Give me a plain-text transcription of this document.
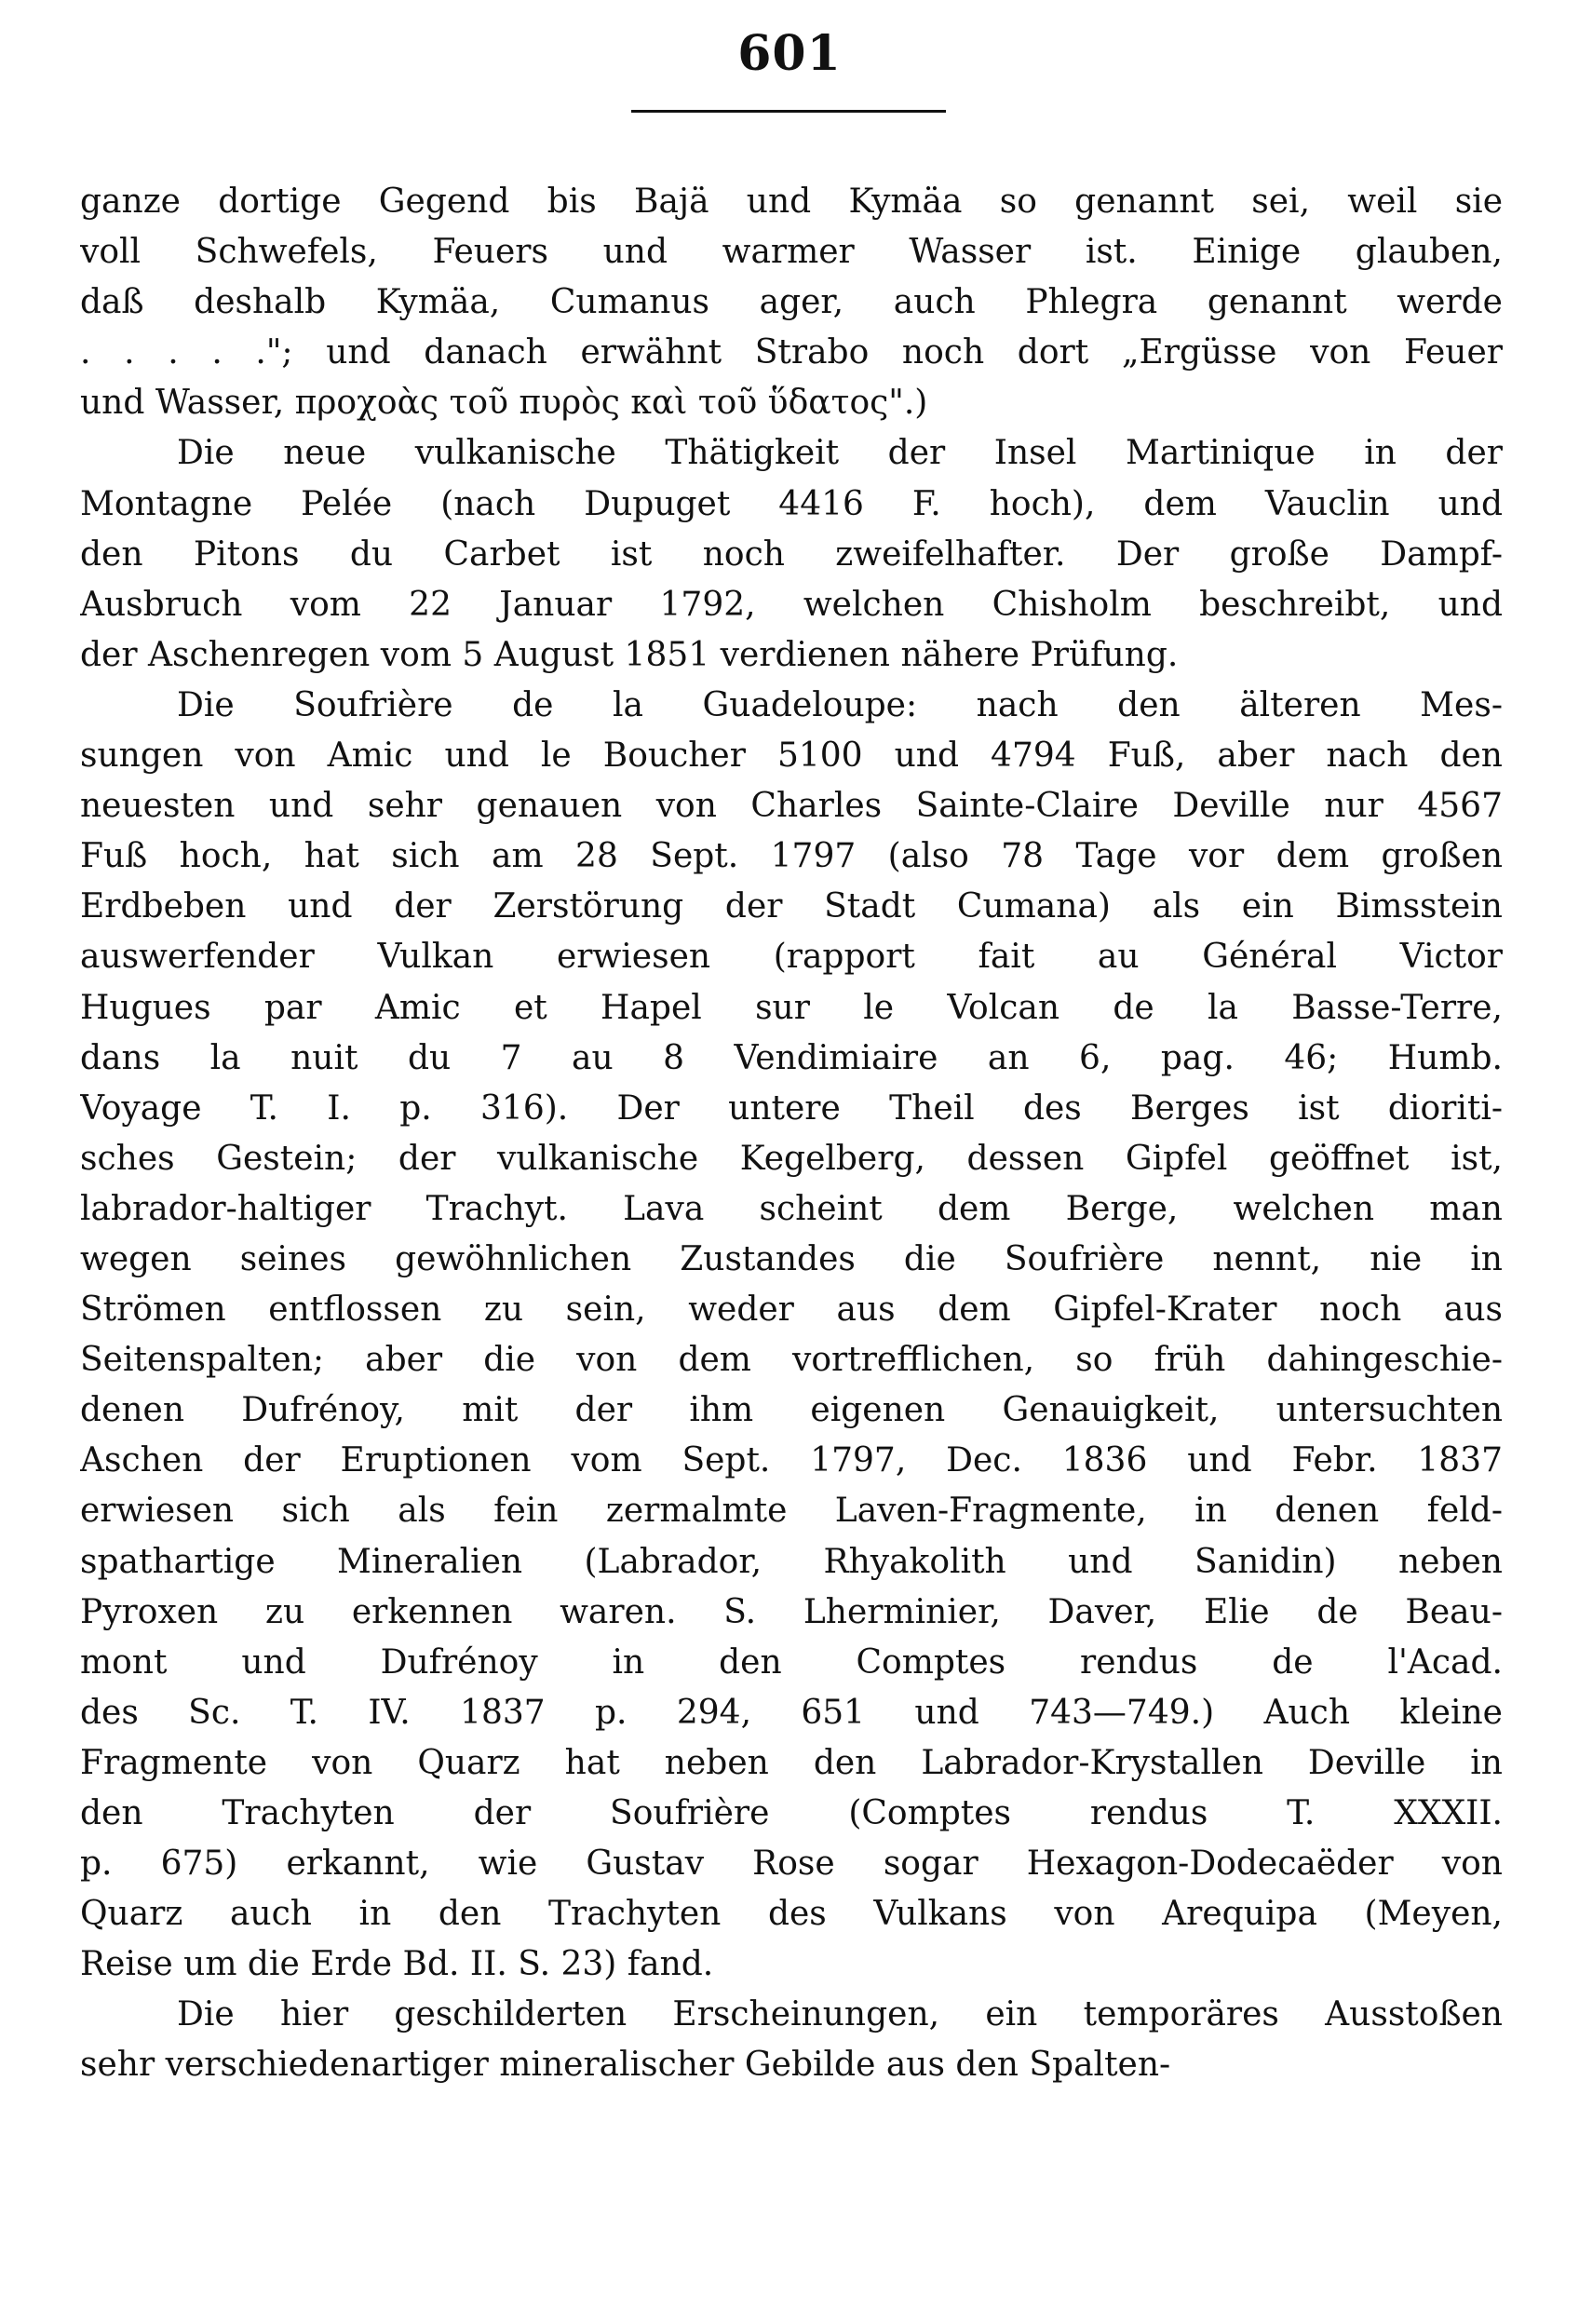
601
ganze dortige Gegend bis Bajä und Kymäa so genannt sei, weil sie
voll Schwefels, Feuers und warmer Wasser ist. Einige glauben,
daß deshalb Kymäa, Cumanus ager, auch Phlegra genannt werde
. . . . ."; und danach erwähnt Strabo noch dort „Ergüsse von Feuer
und Wasser, προχοὰς τοῦ πυρὸς καὶ τοῦ ὕδατος".)
Die neue vulkanische Thätigkeit der Insel Martinique in der
Montagne Pelée (nach Dupuget 4416 F. hoch), dem Vauclin und
den Pitons du Carbet ist noch zweifelhafter. Der große Dampf-
Ausbruch vom 22 Januar 1792, welchen Chisholm beschreibt, und
der Aschenregen vom 5 August 1851 verdienen nähere Prüfung.
Die Soufrière de la Guadeloupe: nach den älteren Mes-
sungen von Amic und le Boucher 5100 und 4794 Fuß, aber nach den
neuesten und sehr genauen von Charles Sainte-Claire Deville nur 4567
Fuß hoch, hat sich am 28 Sept. 1797 (also 78 Tage vor dem großen
Erdbeben und der Zerstörung der Stadt Cumana) als ein Bimsstein
auswerfender Vulkan erwiesen (rapport fait au Général Victor
Hugues par Amic et Hapel sur le Volcan de la Basse-Terre,
dans la nuit du 7 au 8 Vendimiaire an 6, pag. 46; Humb.
Voyage T. I. p. 316). Der untere Theil des Berges ist dioriti-
sches Gestein; der vulkanische Kegelberg, dessen Gipfel geöffnet ist,
labrador-haltiger Trachyt. Lava scheint dem Berge, welchen man
wegen seines gewöhnlichen Zustandes die Soufrière nennt, nie in
Strömen entflossen zu sein, weder aus dem Gipfel-Krater noch aus
Seitenspalten; aber die von dem vortrefflichen, so früh dahingeschie-
denen Dufrénoy, mit der ihm eigenen Genauigkeit, untersuchten
Aschen der Eruptionen vom Sept. 1797, Dec. 1836 und Febr. 1837
erwiesen sich als fein zermalmte Laven-Fragmente, in denen feld-
spathartige Mineralien (Labrador, Rhyakolith und Sanidin) neben
Pyroxen zu erkennen waren. S. Lherminier, Daver, Elie de Beau-
mont und Dufrénoy in den Comptes rendus de l'Acad.
des Sc. T. IV. 1837 p. 294, 651 und 743—749.) Auch kleine
Fragmente von Quarz hat neben den Labrador-Krystallen Deville in
den Trachyten der Soufrière (Comptes rendus T. XXXII.
p. 675) erkannt, wie Gustav Rose sogar Hexagon-Dodecaëder von
Quarz auch in den Trachyten des Vulkans von Arequipa (Meyen,
Reise um die Erde Bd. II. S. 23) fand.
Die hier geschilderten Erscheinungen, ein temporäres Ausstoßen
sehr verschiedenartiger mineralischer Gebilde aus den Spalten-
